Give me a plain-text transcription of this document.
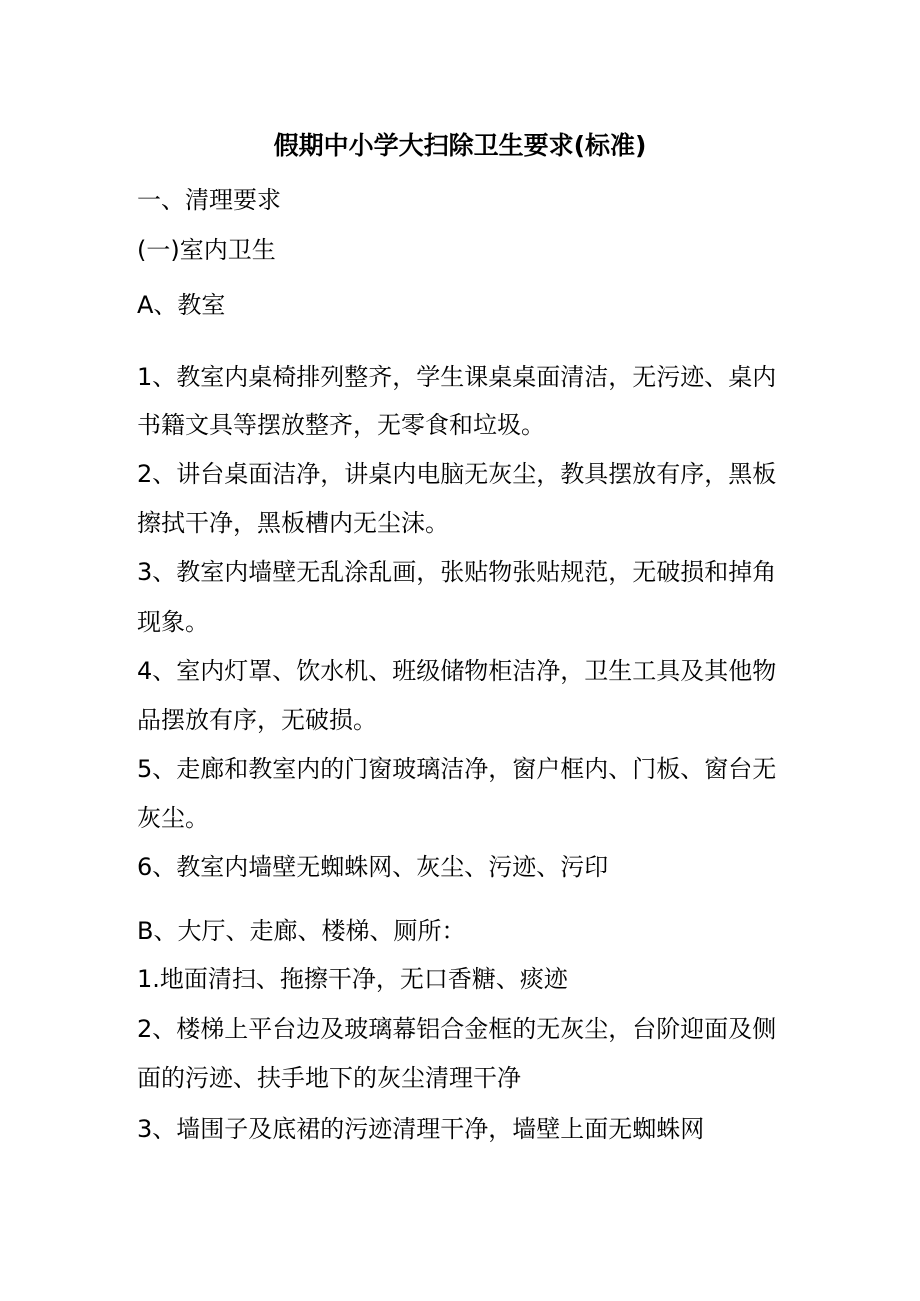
假期中小学大扫除卫生要求(标准)
一、清理要求
(一)室内卫生
A、教室
1、教室内桌椅排列整齐，学生课桌桌面清洁，无污迹、桌内
书籍文具等摆放整齐，无零食和垃圾。
2、讲台桌面洁净，讲桌内电脑无灰尘，教具摆放有序，黑板
擦拭干净，黑板槽内无尘沫。
3、教室内墙壁无乱涂乱画，张贴物张贴规范，无破损和掉角
现象。
4、室内灯罩、饮水机、班级储物柜洁净，卫生工具及其他物
品摆放有序，无破损。
5、走廊和教室内的门窗玻璃洁净，窗户框内、门板、窗台无
灰尘。
6、教室内墙壁无蜘蛛网、灰尘、污迹、污印
B、大厅、走廊、楼梯、厕所：
1.地面清扫、拖擦干净，无口香糖、痰迹
2、楼梯上平台边及玻璃幕铝合金框的无灰尘，台阶迎面及侧
面的污迹、扶手地下的灰尘清理干净
3、墙围子及底裙的污迹清理干净，墙壁上面无蜘蛛网
